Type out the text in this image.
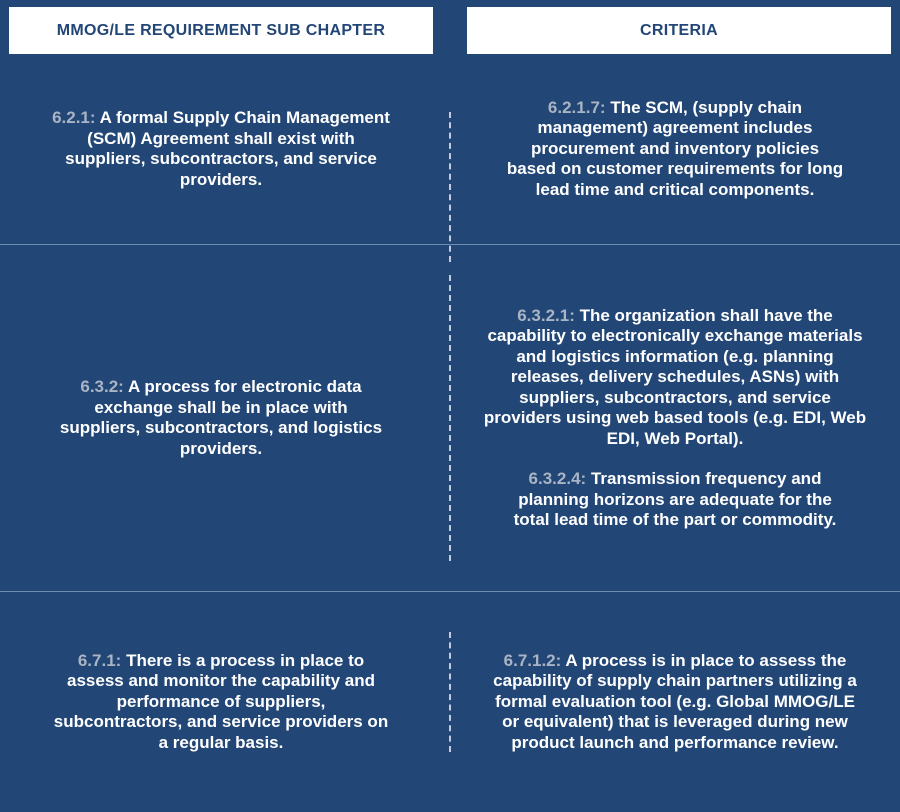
MMOG/LE REQUIREMENT SUB CHAPTER	CRITERIA

6.2.1: A formal Supply Chain Management (SCM) Agreement shall exist with suppliers, subcontractors, and service providers.

6.2.1.7: The SCM, (supply chain management) agreement includes procurement and inventory policies based on customer requirements for long lead time and critical components.

6.3.2: A process for electronic data exchange shall be in place with suppliers, subcontractors, and logistics providers.

6.3.2.1: The organization shall have the capability to electronically exchange materials and logistics information (e.g. planning releases, delivery schedules, ASNs) with suppliers, subcontractors, and service providers using web based tools (e.g. EDI, Web EDI, Web Portal).

6.3.2.4: Transmission frequency and planning horizons are adequate for the total lead time of the part or commodity.

6.7.1: There is a process in place to assess and monitor the capability and performance of suppliers, subcontractors, and service providers on a regular basis.

6.7.1.2: A process is in place to assess the capability of supply chain partners utilizing a formal evaluation tool (e.g. Global MMOG/LE or equivalent) that is leveraged during new product launch and performance review.
